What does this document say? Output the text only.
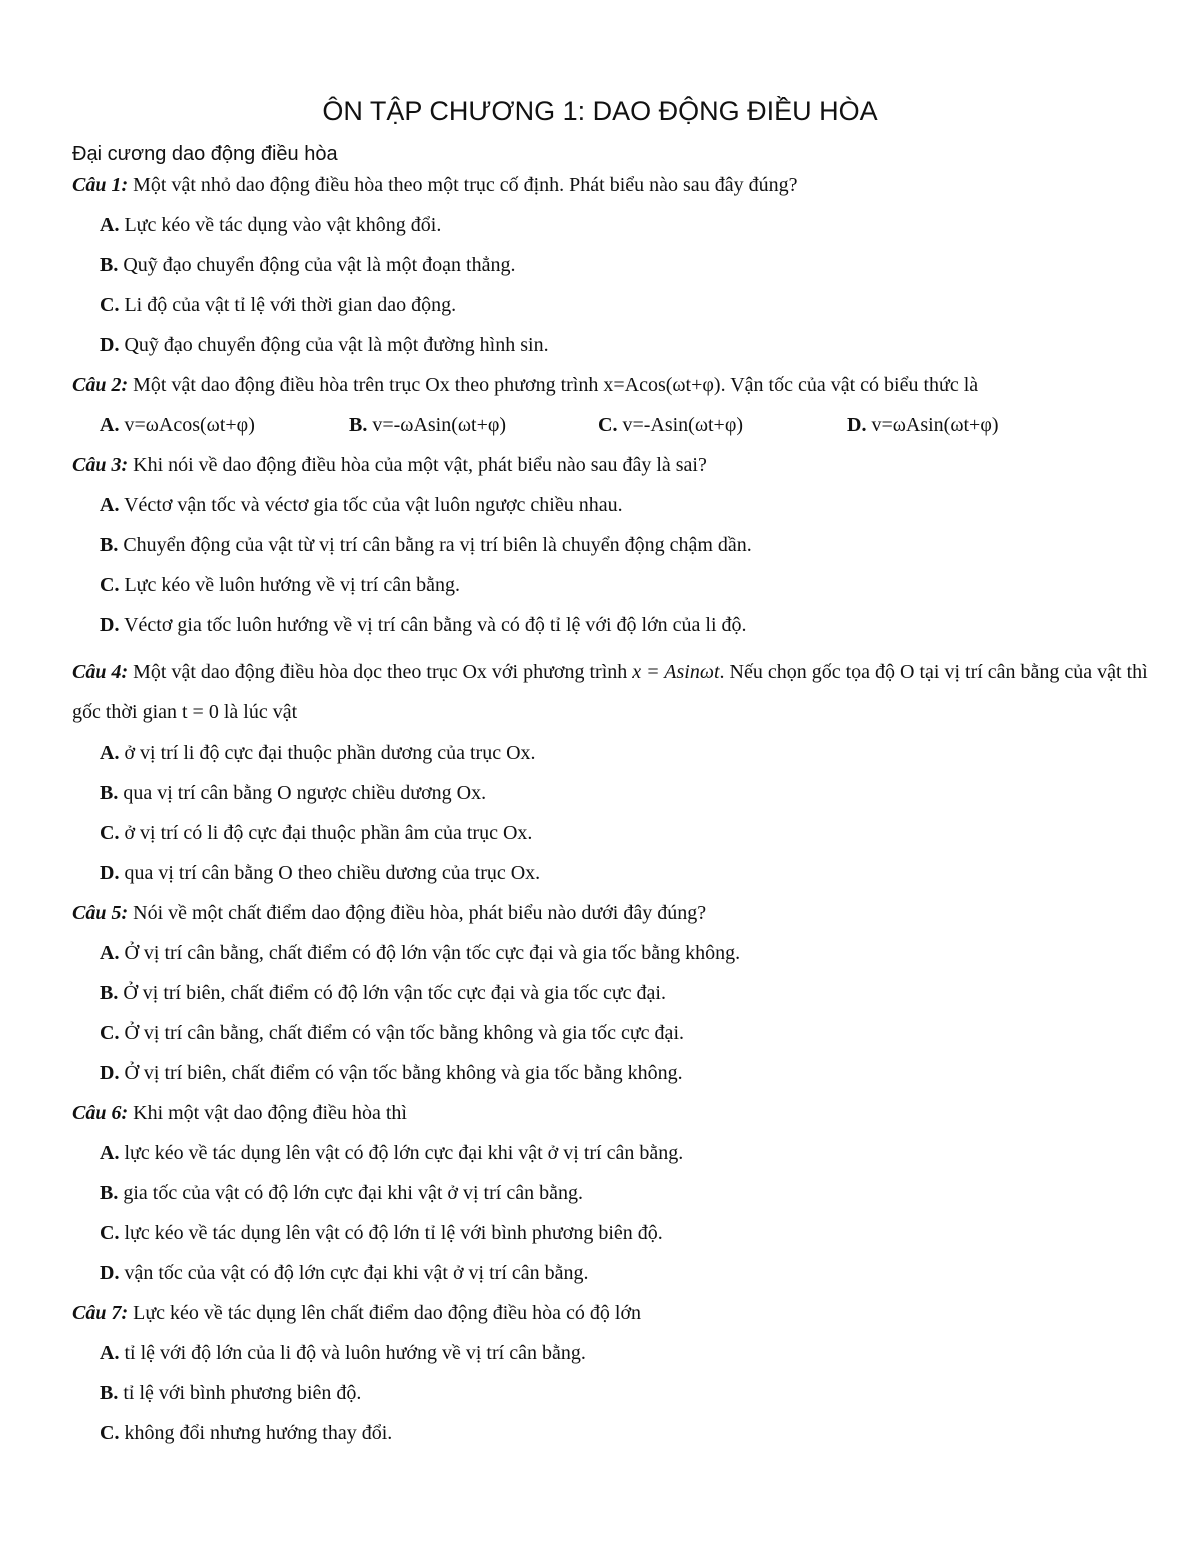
ÔN TẬP CHƯƠNG 1: DAO ĐỘNG ĐIỀU HÒA
Đại cương dao động điều hòa
Câu 1: Một vật nhỏ dao động điều hòa theo một trục cố định. Phát biểu nào sau đây đúng?
A. Lực kéo về tác dụng vào vật không đổi.
B. Quỹ đạo chuyển động của vật là một đoạn thẳng.
C. Li độ của vật tỉ lệ với thời gian dao động.
D. Quỹ đạo chuyển động của vật là một đường hình sin.
Câu 2: Một vật dao động điều hòa trên trục Ox theo phương trình x=Acos(ωt+φ). Vận tốc của vật có biểu thức là
A. v=ωAcos(ωt+φ)	B. v=-ωAsin(ωt+φ)	C. v=-Asin(ωt+φ)	D. v=ωAsin(ωt+φ)
Câu 3: Khi nói về dao động điều hòa của một vật, phát biểu nào sau đây là sai?
A. Véctơ vận tốc và véctơ gia tốc của vật luôn ngược chiều nhau.
B. Chuyển động của vật từ vị trí cân bằng ra vị trí biên là chuyển động chậm dần.
C. Lực kéo về luôn hướng về vị trí cân bằng.
D. Véctơ gia tốc luôn hướng về vị trí cân bằng và có độ tỉ lệ với độ lớn của li độ.
Câu 4: Một vật dao động điều hòa dọc theo trục Ox với phương trình x = Asinωt. Nếu chọn gốc tọa độ O tại vị trí cân bằng của vật thì gốc thời gian t = 0 là lúc vật
A. ở vị trí li độ cực đại thuộc phần dương của trục Ox.
B. qua vị trí cân bằng O ngược chiều dương Ox.
C. ở vị trí có li độ cực đại thuộc phần âm của trục Ox.
D. qua vị trí cân bằng O theo chiều dương của trục Ox.
Câu 5: Nói về một chất điểm dao động điều hòa, phát biểu nào dưới đây đúng?
A. Ở vị trí cân bằng, chất điểm có độ lớn vận tốc cực đại và gia tốc bằng không.
B. Ở vị trí biên, chất điểm có độ lớn vận tốc cực đại và gia tốc cực đại.
C. Ở vị trí cân bằng, chất điểm có vận tốc bằng không và gia tốc cực đại.
D. Ở vị trí biên, chất điểm có vận tốc bằng không và gia tốc bằng không.
Câu 6: Khi một vật dao động điều hòa thì
A. lực kéo về tác dụng lên vật có độ lớn cực đại khi vật ở vị trí cân bằng.
B. gia tốc của vật có độ lớn cực đại khi vật ở vị trí cân bằng.
C. lực kéo về tác dụng lên vật có độ lớn tỉ lệ với bình phương biên độ.
D. vận tốc của vật có độ lớn cực đại khi vật ở vị trí cân bằng.
Câu 7: Lực kéo về tác dụng lên chất điểm dao động điều hòa có độ lớn
A. tỉ lệ với độ lớn của li độ và luôn hướng về vị trí cân bằng.
B. tỉ lệ với bình phương biên độ.
C. không đổi nhưng hướng thay đổi.
